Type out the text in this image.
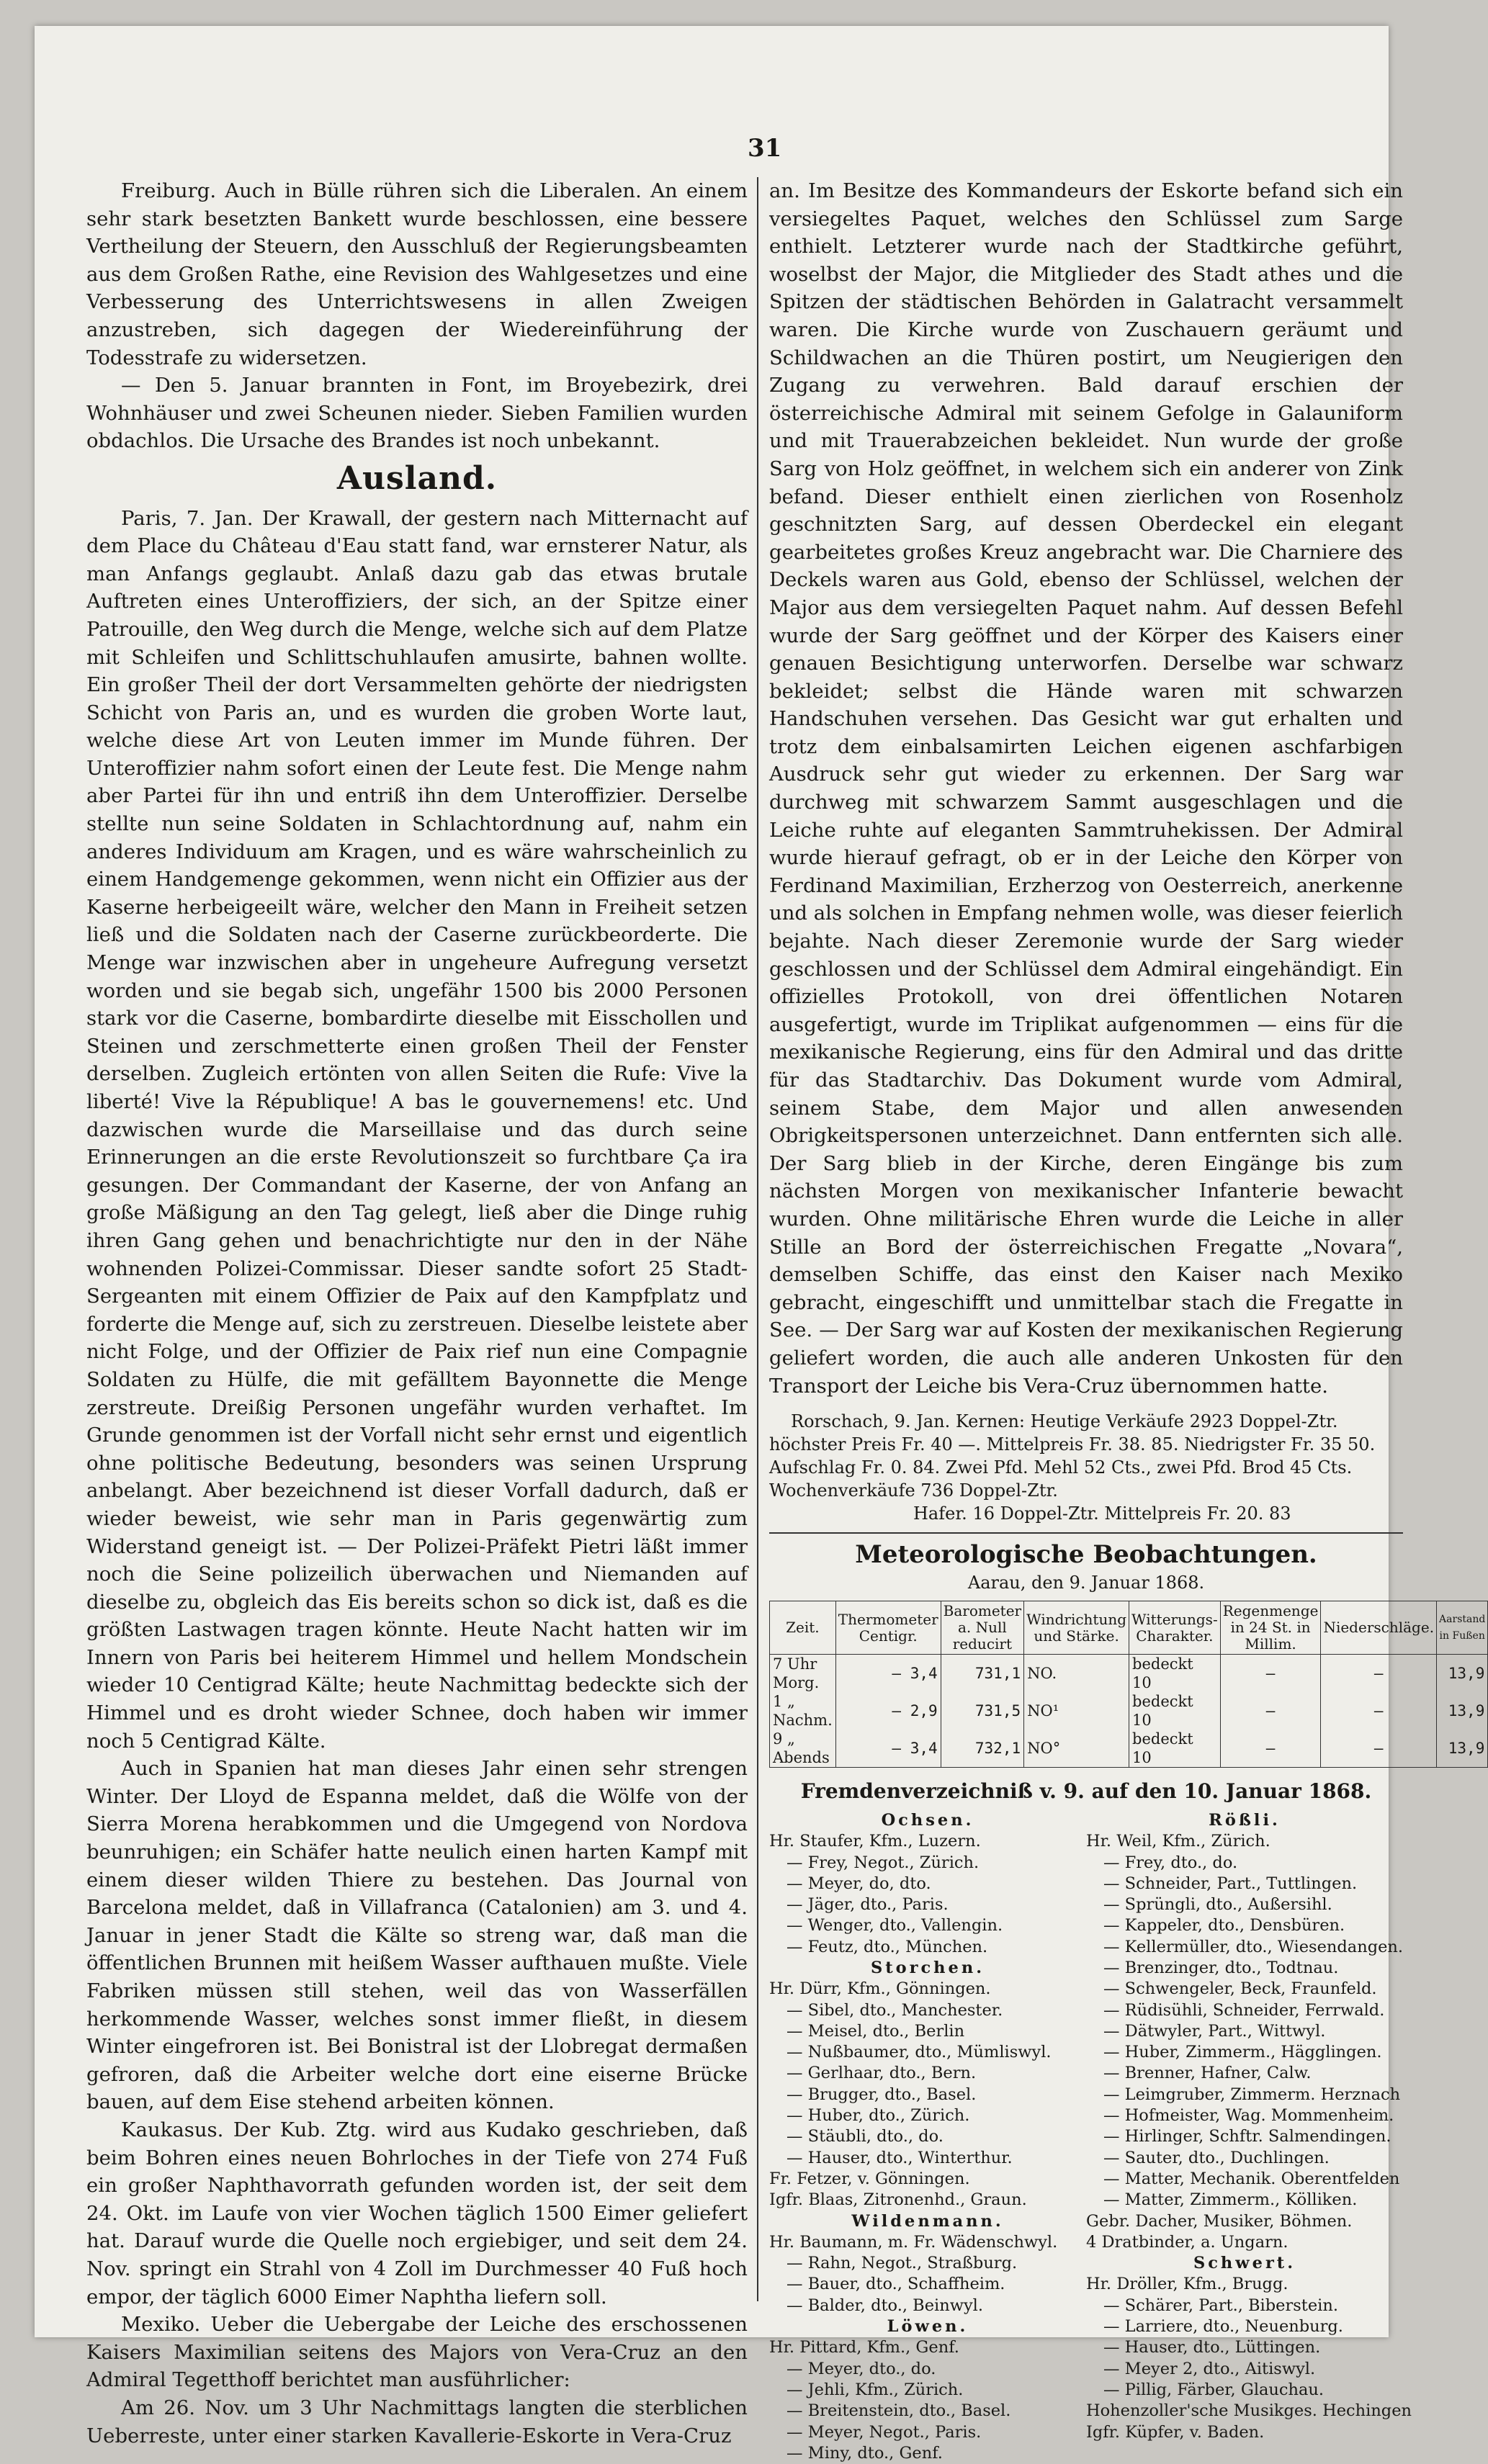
31

Freiburg. Auch in Bülle rühren sich die Liberalen. An einem sehr stark besetzten Bankett wurde beschlossen, eine bessere Vertheilung der Steuern, den Ausschluß der Regierungsbeamten aus dem Großen Rathe, eine Revision des Wahlgesetzes und eine Verbesserung des Unterrichtswesens in allen Zweigen anzustreben, sich dagegen der Wiedereinführung der Todesstrafe zu widersetzen.

— Den 5. Januar brannten in Font, im Broyebezirk, drei Wohnhäuser und zwei Scheunen nieder. Sieben Familien wurden obdachlos. Die Ursache des Brandes ist noch unbekannt.

Ausland.

Paris, 7. Jan. Der Krawall, der gestern nach Mitternacht auf dem Place du Château d'Eau statt fand, war ernsterer Natur, als man Anfangs geglaubt. Anlaß dazu gab das etwas brutale Auftreten eines Unteroffiziers, der sich, an der Spitze einer Patrouille, den Weg durch die Menge, welche sich auf dem Platze mit Schleifen und Schlittschuhlaufen amusirte, bahnen wollte. Ein großer Theil der dort Versammelten gehörte der niedrigsten Schicht von Paris an, und es wurden die groben Worte laut, welche diese Art von Leuten immer im Munde führen. Der Unteroffizier nahm sofort einen der Leute fest. Die Menge nahm aber Partei für ihn und entriß ihn dem Unteroffizier. Derselbe stellte nun seine Soldaten in Schlachtordnung auf, nahm ein anderes Individuum am Kragen, und es wäre wahrscheinlich zu einem Handgemenge gekommen, wenn nicht ein Offizier aus der Kaserne herbeigeeilt wäre, welcher den Mann in Freiheit setzen ließ und die Soldaten nach der Caserne zurückbeorderte. Die Menge war inzwischen aber in ungeheure Aufregung versetzt worden und sie begab sich, ungefähr 1500 bis 2000 Personen stark vor die Caserne, bombardirte dieselbe mit Eisschollen und Steinen und zerschmetterte einen großen Theil der Fenster derselben. Zugleich ertönten von allen Seiten die Rufe: Vive la liberté! Vive la République! A bas le gouvernemens! etc. Und dazwischen wurde die Marseillaise und das durch seine Erinnerungen an die erste Revolutionszeit so furchtbare Ça ira gesungen. Der Commandant der Kaserne, der von Anfang an große Mäßigung an den Tag gelegt, ließ aber die Dinge ruhig ihren Gang gehen und benachrichtigte nur den in der Nähe wohnenden Polizei-Commissar. Dieser sandte sofort 25 Stadt-Sergeanten mit einem Offizier de Paix auf den Kampfplatz und forderte die Menge auf, sich zu zerstreuen. Dieselbe leistete aber nicht Folge, und der Offizier de Paix rief nun eine Compagnie Soldaten zu Hülfe, die mit gefälltem Bayonnette die Menge zerstreute. Dreißig Personen ungefähr wurden verhaftet. Im Grunde genommen ist der Vorfall nicht sehr ernst und eigentlich ohne politische Bedeutung, besonders was seinen Ursprung anbelangt. Aber bezeichnend ist dieser Vorfall dadurch, daß er wieder beweist, wie sehr man in Paris gegenwärtig zum Widerstand geneigt ist. — Der Polizei-Präfekt Pietri läßt immer noch die Seine polizeilich überwachen und Niemanden auf dieselbe zu, obgleich das Eis bereits schon so dick ist, daß es die größten Lastwagen tragen könnte. Heute Nacht hatten wir im Innern von Paris bei heiterem Himmel und hellem Mondschein wieder 10 Centigrad Kälte; heute Nachmittag bedeckte sich der Himmel und es droht wieder Schnee, doch haben wir immer noch 5 Centigrad Kälte.

Auch in Spanien hat man dieses Jahr einen sehr strengen Winter. Der Lloyd de Espanna meldet, daß die Wölfe von der Sierra Morena herabkommen und die Umgegend von Nordova beunruhigen; ein Schäfer hatte neulich einen harten Kampf mit einem dieser wilden Thiere zu bestehen. Das Journal von Barcelona meldet, daß in Villafranca (Catalonien) am 3. und 4. Januar in jener Stadt die Kälte so streng war, daß man die öffentlichen Brunnen mit heißem Wasser aufthauen mußte. Viele Fabriken müssen still stehen, weil das von Wasserfällen herkommende Wasser, welches sonst immer fließt, in diesem Winter eingefroren ist. Bei Bonistral ist der Llobregat dermaßen gefroren, daß die Arbeiter welche dort eine eiserne Brücke bauen, auf dem Eise stehend arbeiten können.

Kaukasus. Der Kub. Ztg. wird aus Kudako geschrieben, daß beim Bohren eines neuen Bohrloches in der Tiefe von 274 Fuß ein großer Naphthavorrath gefunden worden ist, der seit dem 24. Okt. im Laufe von vier Wochen täglich 1500 Eimer geliefert hat. Darauf wurde die Quelle noch ergiebiger, und seit dem 24. Nov. springt ein Strahl von 4 Zoll im Durchmesser 40 Fuß hoch empor, der täglich 6000 Eimer Naphtha liefern soll.

Mexiko. Ueber die Uebergabe der Leiche des erschossenen Kaisers Maximilian seitens des Majors von Vera-Cruz an den Admiral Tegetthoff berichtet man ausführlicher:

Am 26. Nov. um 3 Uhr Nachmittags langten die sterblichen Ueberreste, unter einer starken Kavallerie-Eskorte in Vera-Cruz

an. Im Besitze des Kommandeurs der Eskorte befand sich ein versiegeltes Paquet, welches den Schlüssel zum Sarge enthielt. Letzterer wurde nach der Stadtkirche geführt, woselbst der Major, die Mitglieder des Stadt athes und die Spitzen der städtischen Behörden in Galatracht versammelt waren. Die Kirche wurde von Zuschauern geräumt und Schildwachen an die Thüren postirt, um Neugierigen den Zugang zu verwehren. Bald darauf erschien der österreichische Admiral mit seinem Gefolge in Galauniform und mit Trauerabzeichen bekleidet. Nun wurde der große Sarg von Holz geöffnet, in welchem sich ein anderer von Zink befand. Dieser enthielt einen zierlichen von Rosenholz geschnitzten Sarg, auf dessen Oberdeckel ein elegant gearbeitetes großes Kreuz angebracht war. Die Charniere des Deckels waren aus Gold, ebenso der Schlüssel, welchen der Major aus dem versiegelten Paquet nahm. Auf dessen Befehl wurde der Sarg geöffnet und der Körper des Kaisers einer genauen Besichtigung unterworfen. Derselbe war schwarz bekleidet; selbst die Hände waren mit schwarzen Handschuhen versehen. Das Gesicht war gut erhalten und trotz dem einbalsamirten Leichen eigenen aschfarbigen Ausdruck sehr gut wieder zu erkennen. Der Sarg war durchweg mit schwarzem Sammt ausgeschlagen und die Leiche ruhte auf eleganten Sammtruhekissen. Der Admiral wurde hierauf gefragt, ob er in der Leiche den Körper von Ferdinand Maximilian, Erzherzog von Oesterreich, anerkenne und als solchen in Empfang nehmen wolle, was dieser feierlich bejahte. Nach dieser Zeremonie wurde der Sarg wieder geschlossen und der Schlüssel dem Admiral eingehändigt. Ein offizielles Protokoll, von drei öffentlichen Notaren ausgefertigt, wurde im Triplikat aufgenommen — eins für die mexikanische Regierung, eins für den Admiral und das dritte für das Stadtarchiv. Das Dokument wurde vom Admiral, seinem Stabe, dem Major und allen anwesenden Obrigkeitspersonen unterzeichnet. Dann entfernten sich alle. Der Sarg blieb in der Kirche, deren Eingänge bis zum nächsten Morgen von mexikanischer Infanterie bewacht wurden. Ohne militärische Ehren wurde die Leiche in aller Stille an Bord der österreichischen Fregatte „Novara“, demselben Schiffe, das einst den Kaiser nach Mexiko gebracht, eingeschifft und unmittelbar stach die Fregatte in See. — Der Sarg war auf Kosten der mexikanischen Regierung geliefert worden, die auch alle anderen Unkosten für den Transport der Leiche bis Vera-Cruz übernommen hatte.

Rorschach, 9. Jan. Kernen: Heutige Verkäufe 2923 Doppel-Ztr.
höchster Preis Fr. 40 —. Mittelpreis Fr. 38. 85. Niedrigster Fr. 35 50.
Aufschlag Fr. 0. 84. Zwei Pfd. Mehl 52 Cts., zwei Pfd. Brod 45 Cts.
Wochenverkäufe 736 Doppel-Ztr.
Hafer. 16 Doppel-Ztr. Mittelpreis Fr. 20. 83
Meteorologische Beobachtungen.
Aarau, den 9. Januar 1868.
Zeit.	Thermometer Centigr.	Barometer a. Null reducirt	Windrichtung und Stärke.	Witterungs-Charakter.	Regenmenge in 24 St. in Millim.	Niederschläge.	Aarstand in Fußen
7 Uhr Morg.	— 3,4	731,1	NO.	bedeckt 10	—	—	13,9
1 „ Nachm.	— 2,9	731,5	NO¹	bedeckt 10	—	—	13,9
9 „ Abends	— 3,4	732,1	NO°	bedeckt 10	—	—	13,9
Fremdenverzeichniß v. 9. auf den 10. Januar 1868.
Ochsen.
Hr. Staufer, Kfm., Luzern.
— Frey, Negot., Zürich.
— Meyer, do, dto.
— Jäger, dto., Paris.
— Wenger, dto., Vallengin.
— Feutz, dto., München.
Storchen.
Hr. Dürr, Kfm., Gönningen.
— Sibel, dto., Manchester.
— Meisel, dto., Berlin
— Nußbaumer, dto., Mümliswyl.
— Gerlhaar, dto., Bern.
— Brugger, dto., Basel.
— Huber, dto., Zürich.
— Stäubli, dto., do.
— Hauser, dto., Winterthur.
Fr. Fetzer, v. Gönningen.
Igfr. Blaas, Zitronenhd., Graun.
Wildenmann.
Hr. Baumann, m. Fr. Wädenschwyl.
— Rahn, Negot., Straßburg.
— Bauer, dto., Schaffheim.
— Balder, dto., Beinwyl.
Löwen.
Hr. Pittard, Kfm., Genf.
— Meyer, dto., do.
— Jehli, Kfm., Zürich.
— Breitenstein, dto., Basel.
— Meyer, Negot., Paris.
— Miny, dto., Genf.
Rößli.
Hr. Weil, Kfm., Zürich.
— Frey, dto., do.
— Schneider, Part., Tuttlingen.
— Sprüngli, dto., Außersihl.
— Kappeler, dto., Densbüren.
— Kellermüller, dto., Wiesendangen.
— Brenzinger, dto., Todtnau.
— Schwengeler, Beck, Fraunfeld.
— Rüdisühli, Schneider, Ferrwald.
— Dätwyler, Part., Wittwyl.
— Huber, Zimmerm., Hägglingen.
— Brenner, Hafner, Calw.
— Leimgruber, Zimmerm. Herznach
— Hofmeister, Wag. Mommenheim.
— Hirlinger, Schftr. Salmendingen.
— Sauter, dto., Duchlingen.
— Matter, Mechanik. Oberentfelden
— Matter, Zimmerm., Kölliken.
Gebr. Dacher, Musiker, Böhmen.
4 Dratbinder, a. Ungarn.
Schwert.
Hr. Dröller, Kfm., Brugg.
— Schärer, Part., Biberstein.
— Larriere, dto., Neuenburg.
— Hauser, dto., Lüttingen.
— Meyer 2, dto., Aitiswyl.
— Pillig, Färber, Glauchau.
Hohenzoller'sche Musikges. Hechingen
Igfr. Küpfer, v. Baden.
